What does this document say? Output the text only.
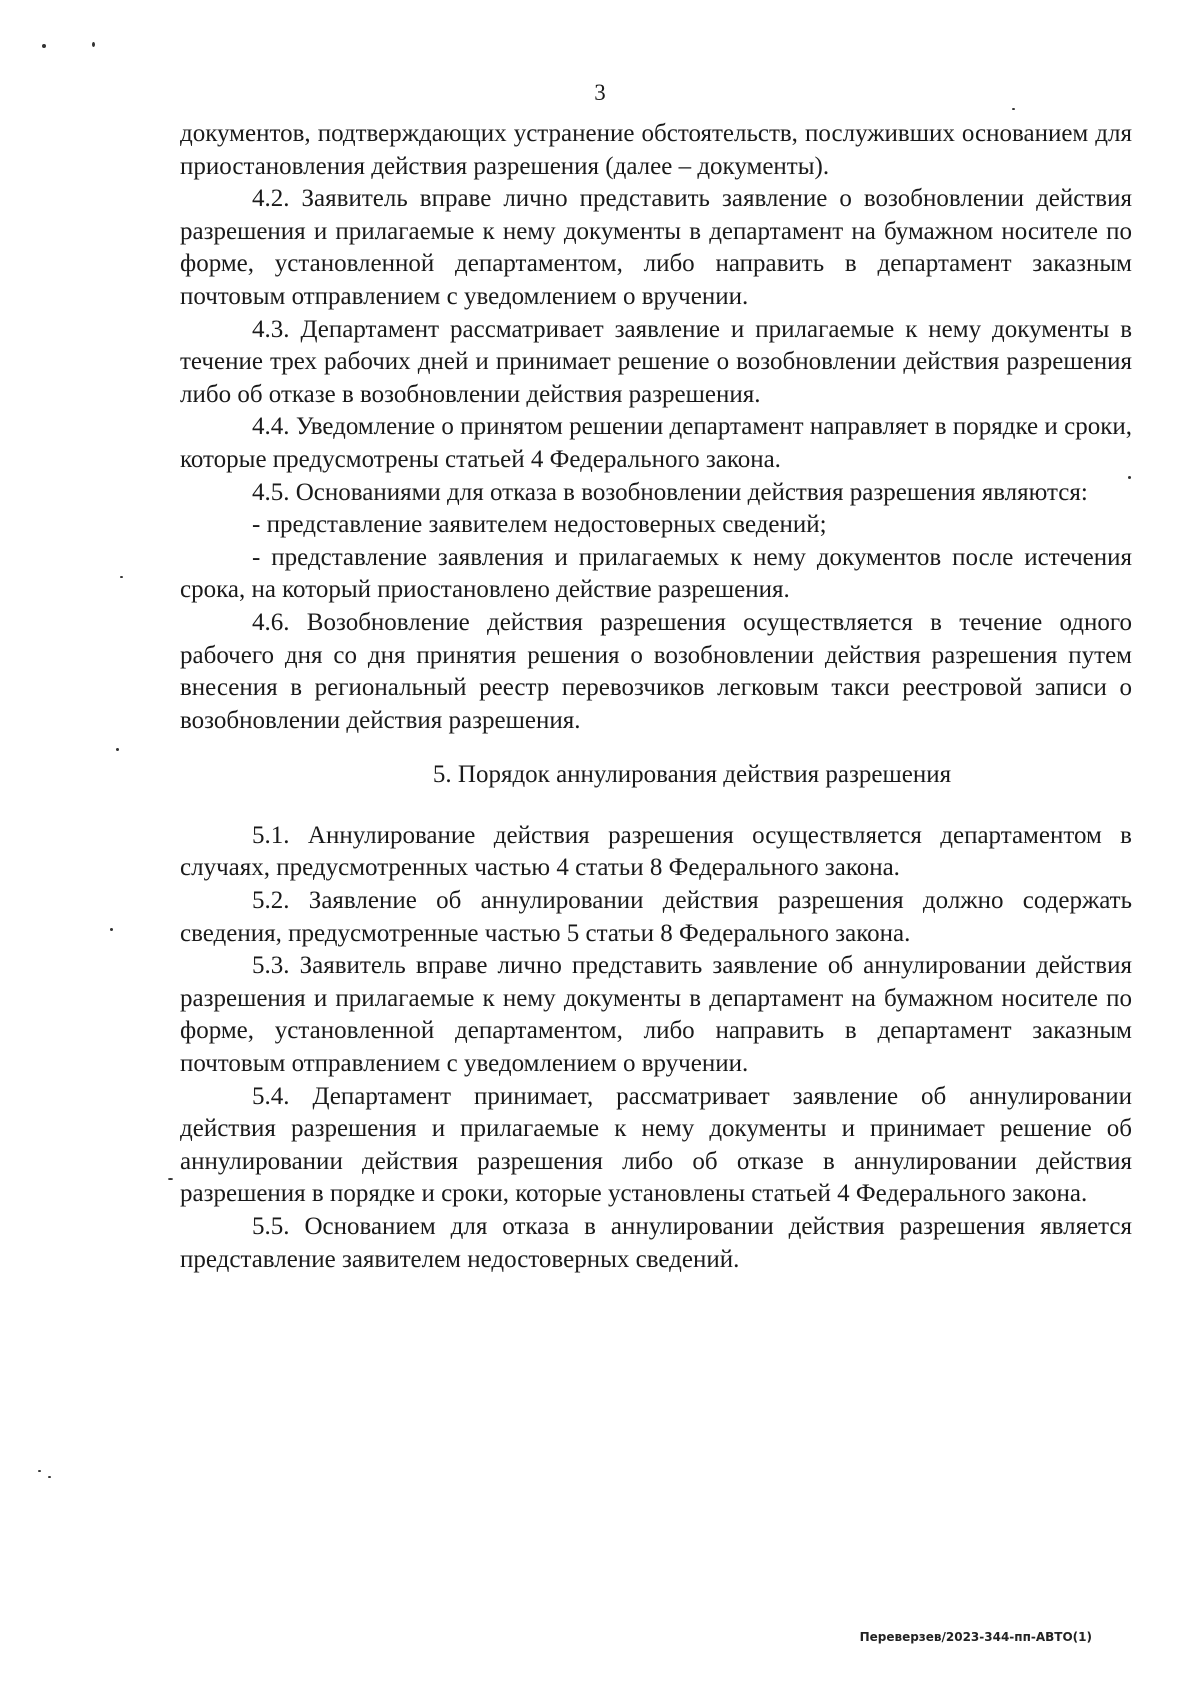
3

документов, подтверждающих устранение обстоятельств, послуживших основанием для приостановления действия разрешения (далее – документы).

4.2. Заявитель вправе лично представить заявление о возобновлении действия разрешения и прилагаемые к нему документы в департамент на бумажном носителе по форме, установленной департаментом, либо направить в департамент заказным почтовым отправлением с уведомлением о вручении.

4.3. Департамент рассматривает заявление и прилагаемые к нему документы в течение трех рабочих дней и принимает решение о возобновлении действия разрешения либо об отказе в возобновлении действия разрешения.

4.4. Уведомление о принятом решении департамент направляет в порядке и сроки, которые предусмотрены статьей 4 Федерального закона.

4.5. Основаниями для отказа в возобновлении действия разрешения являются:

- представление заявителем недостоверных сведений;

- представление заявления и прилагаемых к нему документов после истечения срока, на который приостановлено действие разрешения.

4.6. Возобновление действия разрешения осуществляется в течение одного рабочего дня со дня принятия решения о возобновлении действия разрешения путем внесения в региональный реестр перевозчиков легковым такси реестровой записи о возобновлении действия разрешения.

5. Порядок аннулирования действия разрешения

5.1. Аннулирование действия разрешения осуществляется департаментом в случаях, предусмотренных частью 4 статьи 8 Федерального закона.

5.2. Заявление об аннулировании действия разрешения должно содержать сведения, предусмотренные частью 5 статьи 8 Федерального закона.

5.3. Заявитель вправе лично представить заявление об аннулировании действия разрешения и прилагаемые к нему документы в департамент на бумажном носителе по форме, установленной департаментом, либо направить в департамент заказным почтовым отправлением с уведомлением о вручении.

5.4. Департамент принимает, рассматривает заявление об аннулировании действия разрешения и прилагаемые к нему документы и принимает решение об аннулировании действия разрешения либо об отказе в аннулировании действия разрешения в порядке и сроки, которые установлены статьей 4 Федерального закона.

5.5. Основанием для отказа в аннулировании действия разрешения является представление заявителем недостоверных сведений.

Переверзев/2023-344-пп-АВТО(1)
